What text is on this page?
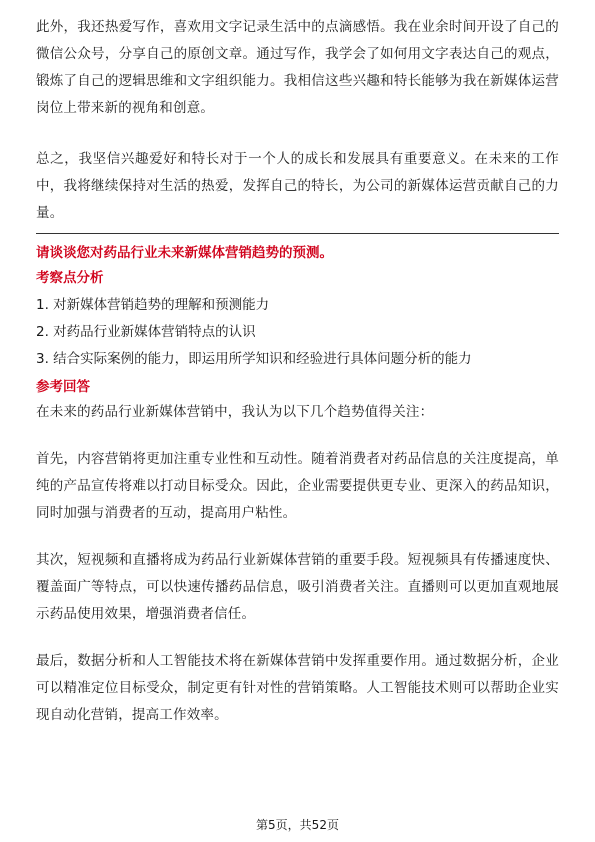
此外，我还热爱写作，喜欢用文字记录生活中的点滴感悟。我在业余时间开设了自己的微信公众号，分享自己的原创文章。通过写作，我学会了如何用文字表达自己的观点，锻炼了自己的逻辑思维和文字组织能力。我相信这些兴趣和特长能够为我在新媒体运营岗位上带来新的视角和创意。

总之，我坚信兴趣爱好和特长对于一个人的成长和发展具有重要意义。在未来的工作中，我将继续保持对生活的热爱，发挥自己的特长，为公司的新媒体运营贡献自己的力量。

请谈谈您对药品行业未来新媒体营销趋势的预测。

考察点分析

1. 对新媒体营销趋势的理解和预测能力
2. 对药品行业新媒体营销特点的认识
3. 结合实际案例的能力，即运用所学知识和经验进行具体问题分析的能力

参考回答

在未来的药品行业新媒体营销中，我认为以下几个趋势值得关注：

首先，内容营销将更加注重专业性和互动性。随着消费者对药品信息的关注度提高，单纯的产品宣传将难以打动目标受众。因此，企业需要提供更专业、更深入的药品知识，同时加强与消费者的互动，提高用户粘性。

其次，短视频和直播将成为药品行业新媒体营销的重要手段。短视频具有传播速度快、覆盖面广等特点，可以快速传播药品信息，吸引消费者关注。直播则可以更加直观地展示药品使用效果，增强消费者信任。

最后，数据分析和人工智能技术将在新媒体营销中发挥重要作用。通过数据分析，企业可以精准定位目标受众，制定更有针对性的营销策略。人工智能技术则可以帮助企业实现自动化营销，提高工作效率。

第5页，共52页
